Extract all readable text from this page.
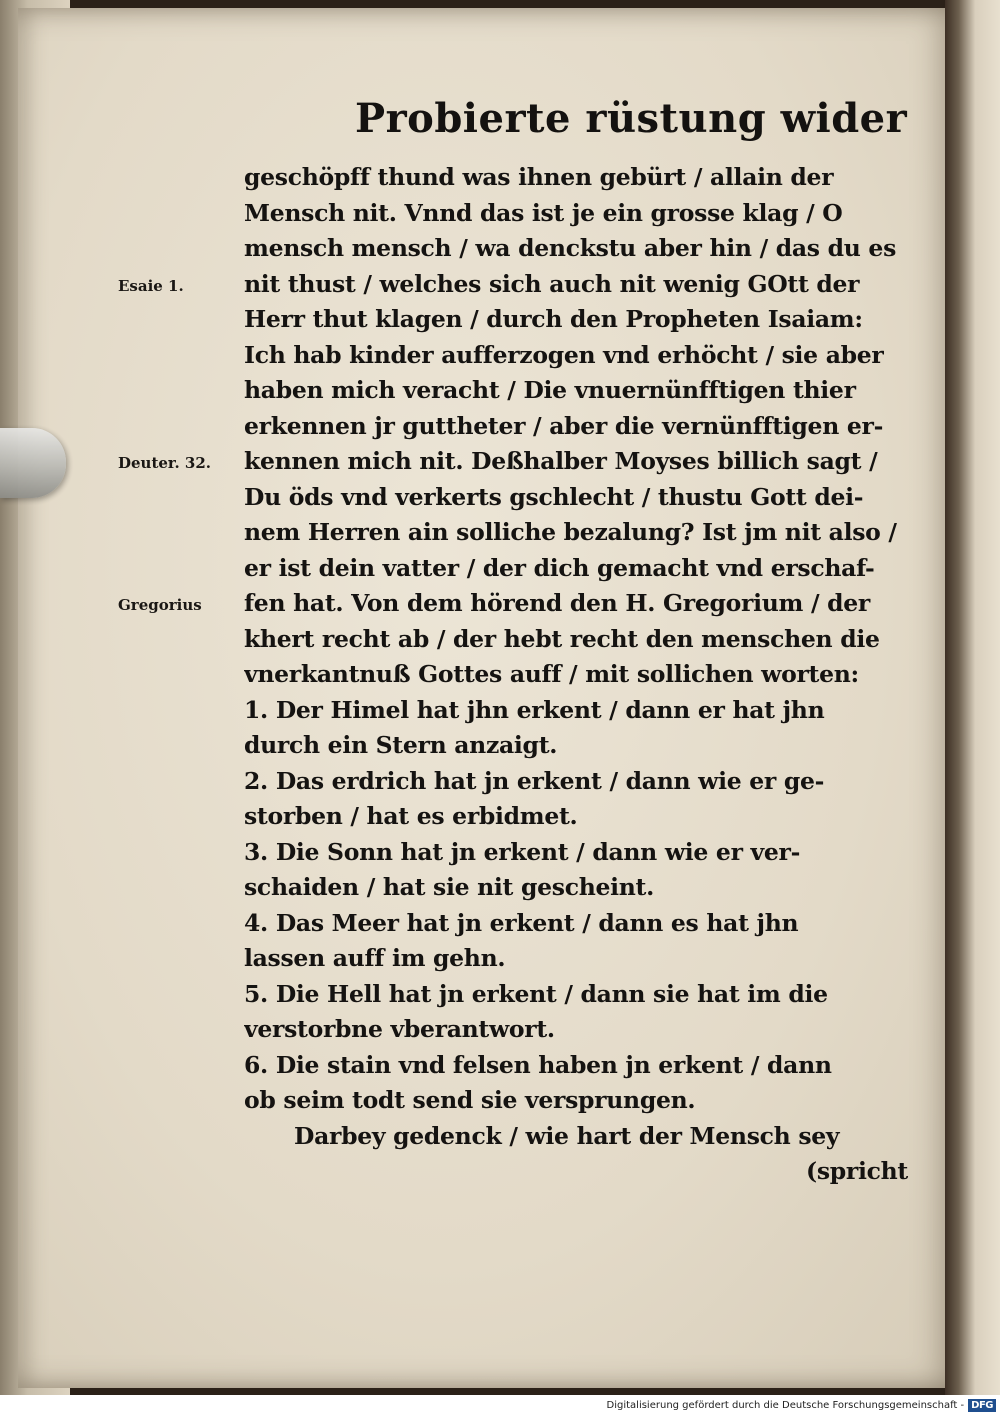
Probierte rüstung wider
Esaie 1.
Deuter. 32.
Gregorius
geschöpff thund was ihnen gebürt / allain der
Mensch nit. Vnnd das ist je ein grosse klag / O
mensch mensch / wa denckstu aber hin / das du es
nit thust / welches sich auch nit wenig GOtt der
Herr thut klagen / durch den Propheten Isaiam:
Ich hab kinder aufferzogen vnd erhöcht / sie aber
haben mich veracht / Die vnuernünfftigen thier
erkennen jr guttheter / aber die vernünfftigen er-
kennen mich nit. Deßhalber Moyses billich sagt /
Du öds vnd verkerts gschlecht / thustu Gott dei-
nem Herren ain solliche bezalung? Ist jm nit also /
er ist dein vatter / der dich gemacht vnd erschaf-
fen hat. Von dem hörend den H. Gregorium / der
khert recht ab / der hebt recht den menschen die
vnerkantnuß Gottes auff / mit sollichen worten:
1. Der Himel hat jhn erkent / dann er hat jhn
durch ein Stern anzaigt.
2. Das erdrich hat jn erkent / dann wie er ge-
storben / hat es erbidmet.
3. Die Sonn hat jn erkent / dann wie er ver-
schaiden / hat sie nit gescheint.
4. Das Meer hat jn erkent / dann es hat jhn
lassen auff im gehn.
5. Die Hell hat jn erkent / dann sie hat im die
verstorbne vberantwort.
6. Die stain vnd felsen haben jn erkent / dann
ob seim todt send sie versprungen.
Darbey gedenck / wie hart der Mensch sey
(spricht
Digitalisierung gefördert durch die Deutsche Forschungsgemeinschaft - DFG
